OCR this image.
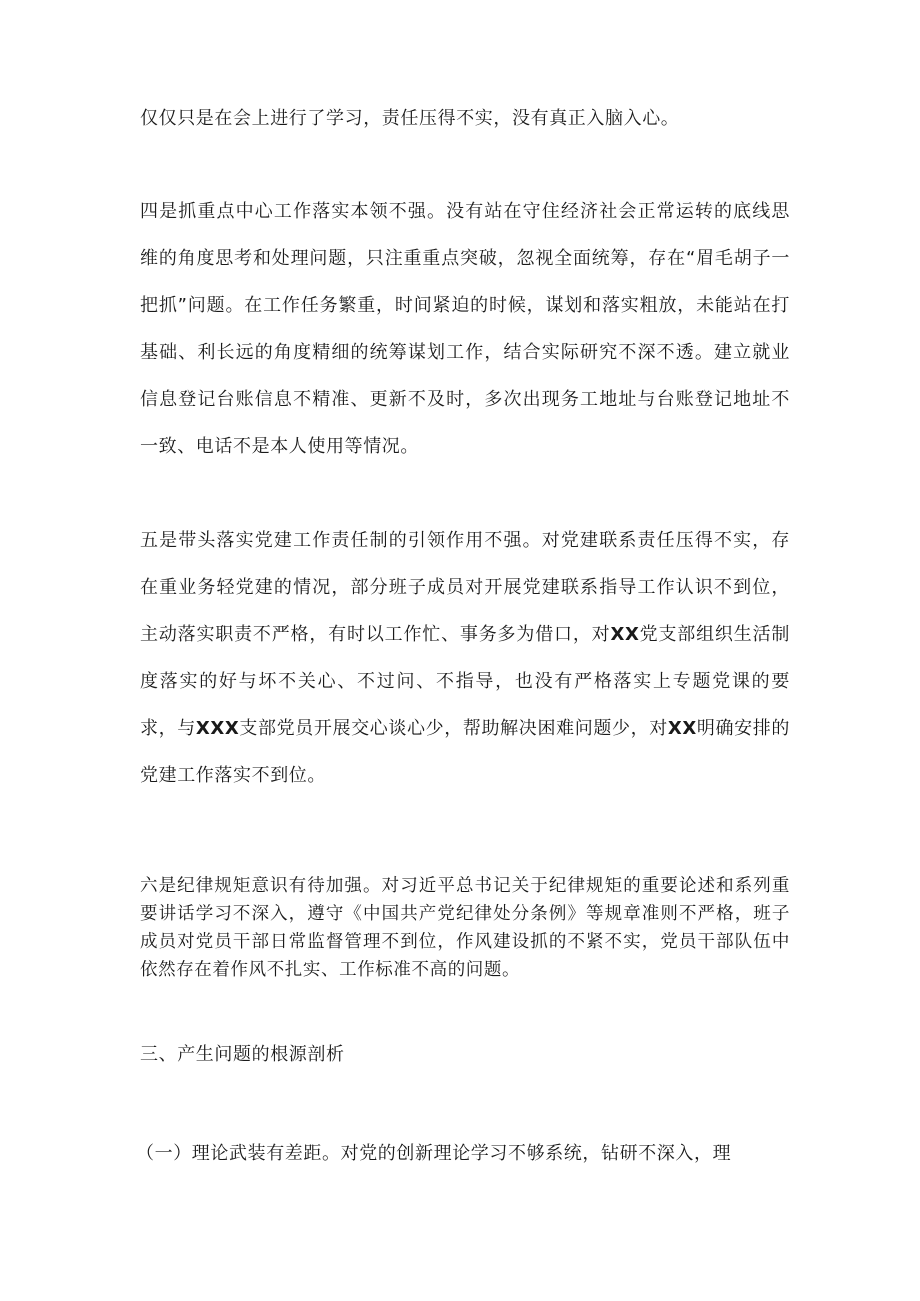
仅仅只是在会上进行了学习，责任压得不实，没有真正入脑入心。

四是抓重点中心工作落实本领不强。没有站在守住经济社会正常运转的底线思维的角度思考和处理问题，只注重重点突破，忽视全面统筹，存在“眉毛胡子一把抓”问题。在工作任务繁重，时间紧迫的时候，谋划和落实粗放，未能站在打基础、利长远的角度精细的统筹谋划工作，结合实际研究不深不透。建立就业信息登记台账信息不精准、更新不及时，多次出现务工地址与台账登记地址不一致、电话不是本人使用等情况。

五是带头落实党建工作责任制的引领作用不强。对党建联系责任压得不实，存在重业务轻党建的情况，部分班子成员对开展党建联系指导工作认识不到位，主动落实职责不严格，有时以工作忙、事务多为借口，对XX党支部组织生活制度落实的好与坏不关心、不过问、不指导，也没有严格落实上专题党课的要求，与XXX支部党员开展交心谈心少，帮助解决困难问题少，对XX明确安排的党建工作落实不到位。

六是纪律规矩意识有待加强。对习近平总书记关于纪律规矩的重要论述和系列重要讲话学习不深入，遵守《中国共产党纪律处分条例》等规章准则不严格，班子成员对党员干部日常监督管理不到位，作风建设抓的不紧不实，党员干部队伍中依然存在着作风不扎实、工作标准不高的问题。

三、产生问题的根源剖析

（一）理论武装有差距。对党的创新理论学习不够系统，钻研不深入，理
